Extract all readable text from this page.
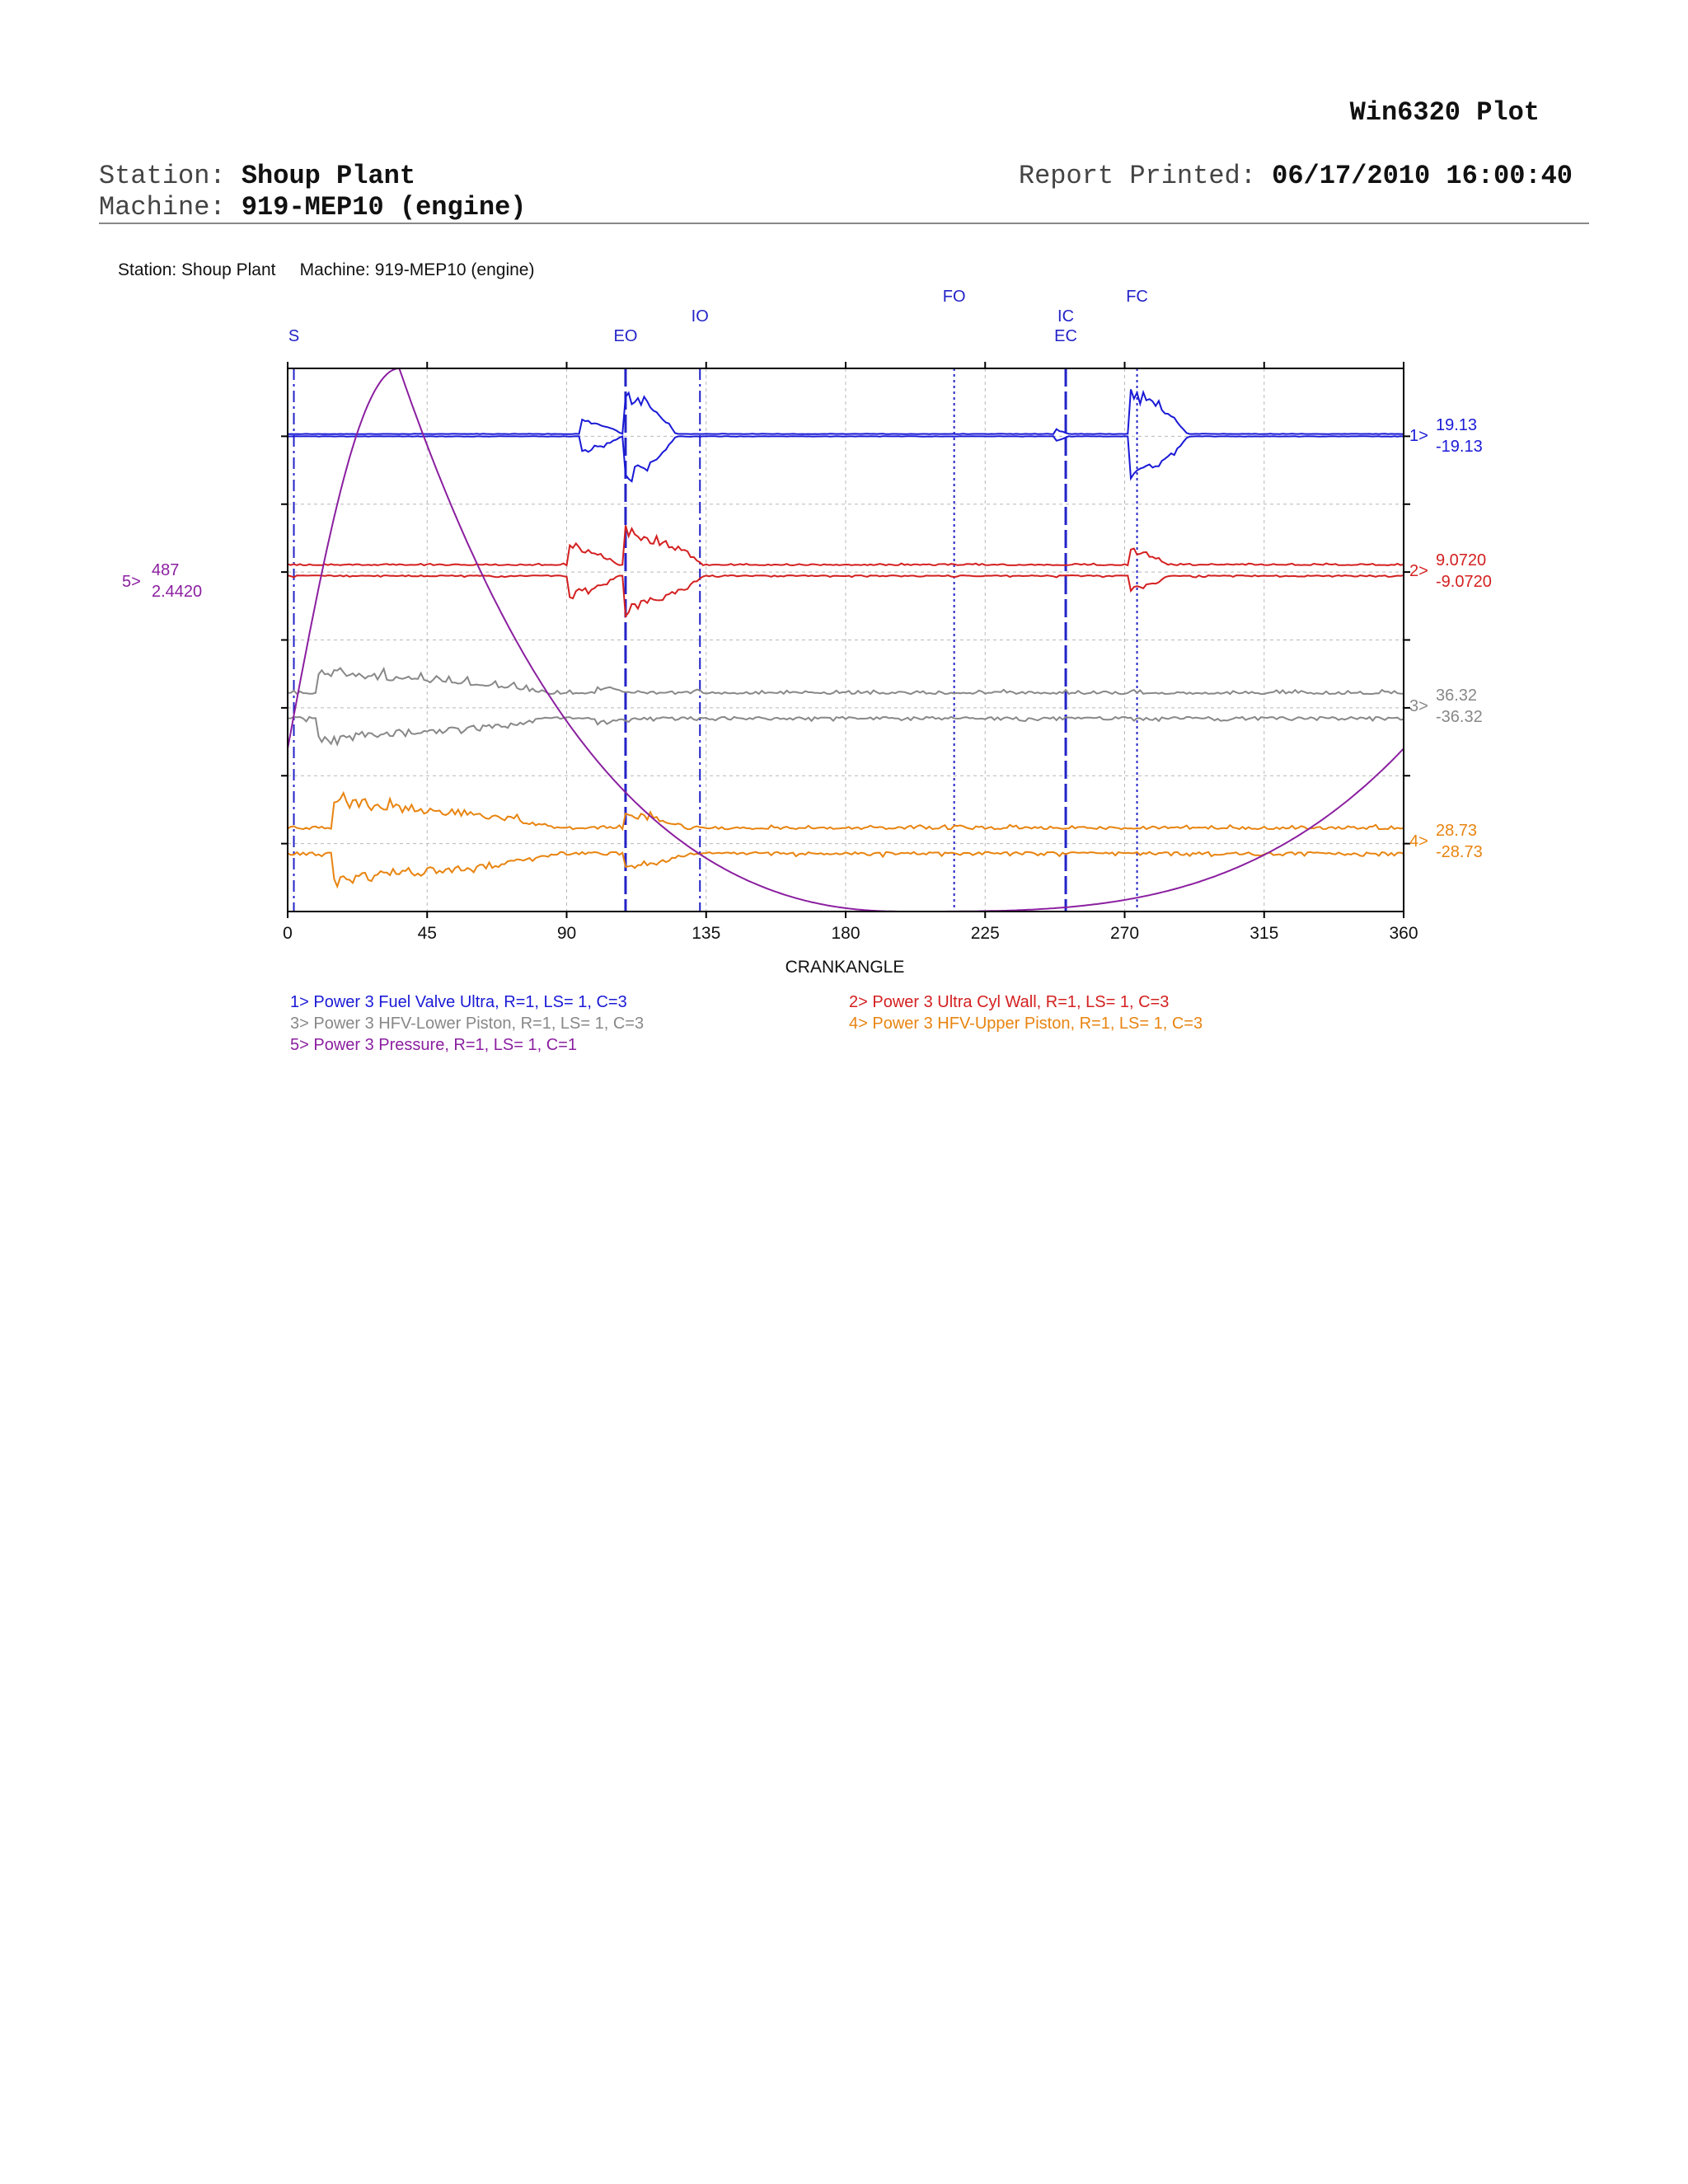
Win6320 Plot
Station: Shoup Plant
Machine: 919-MEP10 (engine)
Report Printed: 06/17/2010 16:00:40
Station: Shoup Plant     Machine: 919-MEP10 (engine)
S	EO
IO
FO
IC
EC
FC
0	45	90	135	180	225	270	315	360
1>
19.13
-19.13
2>
9.0720
-9.0720
3>
36.32
-36.32
4>
28.73
-28.73
5>
487
2.4420
CRANKANGLE
1> Power 3 Fuel Valve Ultra, R=1, LS= 1, C=3	2> Power 3 Ultra Cyl Wall, R=1, LS= 1, C=3
3> Power 3 HFV-Lower Piston, R=1, LS= 1, C=3	4> Power 3 HFV-Upper Piston, R=1, LS= 1, C=3
5> Power 3 Pressure, R=1, LS= 1, C=1
